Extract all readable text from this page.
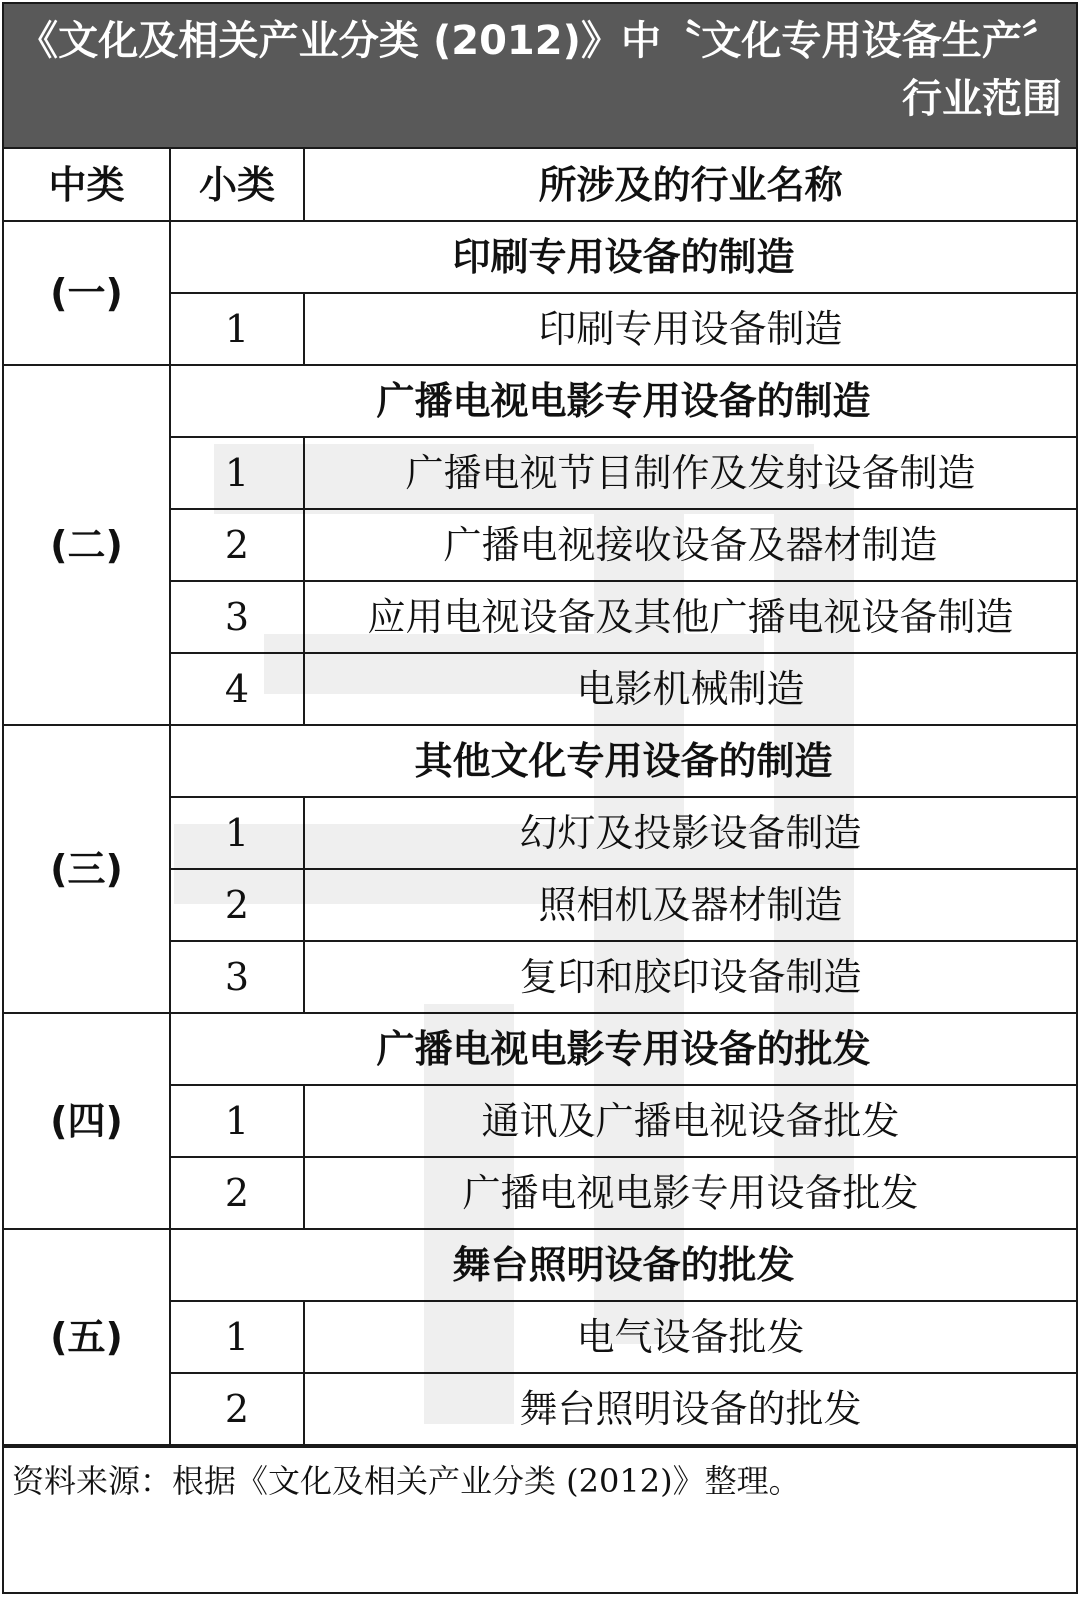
《文化及相关产业分类 (2012)》中〝文化专用设备生产〞行业范围
中类	小类	所涉及的行业名称
(一)	印刷专用设备的制造	
	1	印刷专用设备制造
(二)	广播电视电影专用设备的制造	
	1	广播电视节目制作及发射设备制造
	2	广播电视接收设备及器材制造
	3	应用电视设备及其他广播电视设备制造
	4	电影机械制造
(三)	其他文化专用设备的制造	
	1	幻灯及投影设备制造
	2	照相机及器材制造
	3	复印和胶印设备制造
(四)	广播电视电影专用设备的批发	
	1	通讯及广播电视设备批发
	2	广播电视电影专用设备批发
(五)	舞台照明设备的批发	
	1	电气设备批发
	2	舞台照明设备的批发
资料来源：根据《文化及相关产业分类 (2012)》整理。
